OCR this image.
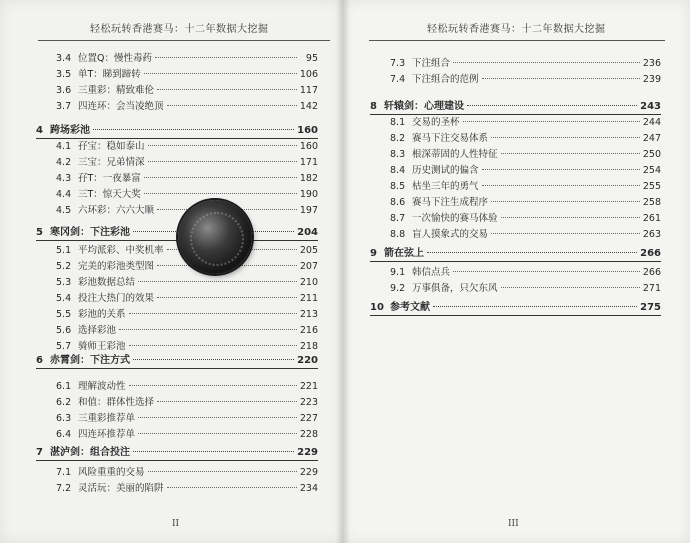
轻松玩转香港赛马：十二年数据大挖掘
3.4 位置Q：慢性毒药	95
3.5 单T：睇到蹄转	106
3.6 三重彩：精致难伦	117
3.7 四连环：会当凌绝顶	142
4 跨场彩池	160
4.1 孖宝：稳如泰山	160
4.2 三宝：兄弟情深	171
4.3 孖T：一夜暴富	182
4.4 三T：惊天大奖	190
4.5 六环彩：六六大顺	197
5 寒冈剑：下注彩池	204
5.1 平均派彩、中奖机率	205
5.2 完美的彩池类型图	207
5.3 彩池数据总结	210
5.4 投注大热门的效果	211
5.5 彩池的关系	213
5.6 选择彩池	216
5.7 骑师王彩池	218
6 赤霄剑：下注方式	220
6.1 理解波动性	221
6.2 和值：群体性选择	223
6.3 三重彩推荐单	227
6.4 四连环推荐单	228
7 湛泸剑：组合投注	229
7.1 风险重重的交易	229
7.2 灵活玩：美丽的陷阱	234
II
轻松玩转香港赛马：十二年数据大挖掘
7.3 下注组合	236
7.4 下注组合的范例	239
8 轩辕剑：心理建设	243
8.1 交易的圣杯	244
8.2 赛马下注交易体系	247
8.3 根深蒂固的人性特征	250
8.4 历史测试的偏含	254
8.5 枯坐三年的勇气	255
8.6 赛马下注生成程序	258
8.7 一次愉快的赛马体验	261
8.8 盲人摸象式的交易	263
9 箭在弦上	266
9.1 韩信点兵	266
9.2 万事俱备，只欠东风	271
10 参考文献	275
III
